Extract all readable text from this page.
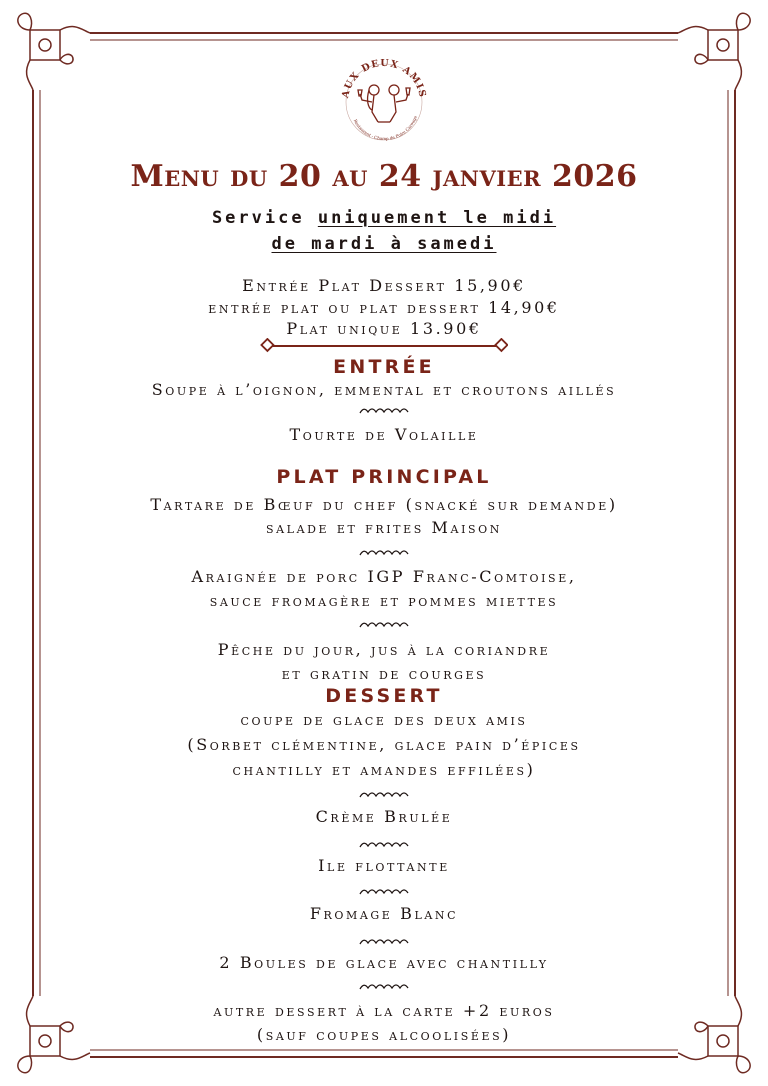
AUX DEUX AMIS
Restaurant - Champ de Foire Carouge
Menu du 20 au 24 janvier 2026
Service uniquement le midi
de mardi à samedi
Entrée Plat Dessert 15,90€
entrée plat ou plat dessert 14,90€
Plat unique 13.90€
ENTRÉE
Soupe à l’oignon, emmental et croutons aillés
Tourte de Volaille
PLAT PRINCIPAL
Tartare de Bœuf du chef (snacké sur demande)
salade et frites Maison
Araignée de porc IGP Franc-Comtoise,
sauce fromagère et pommes miettes
Pêche du jour, jus à la coriandre
et gratin de courges
DESSERT
coupe de glace des deux amis
(Sorbet clémentine, glace pain d’épices
chantilly et amandes effilées)
Crème Brulée
Ile flottante
Fromage Blanc
2 Boules de glace avec chantilly
autre dessert à la carte +2 euros
(sauf coupes alcoolisées)
